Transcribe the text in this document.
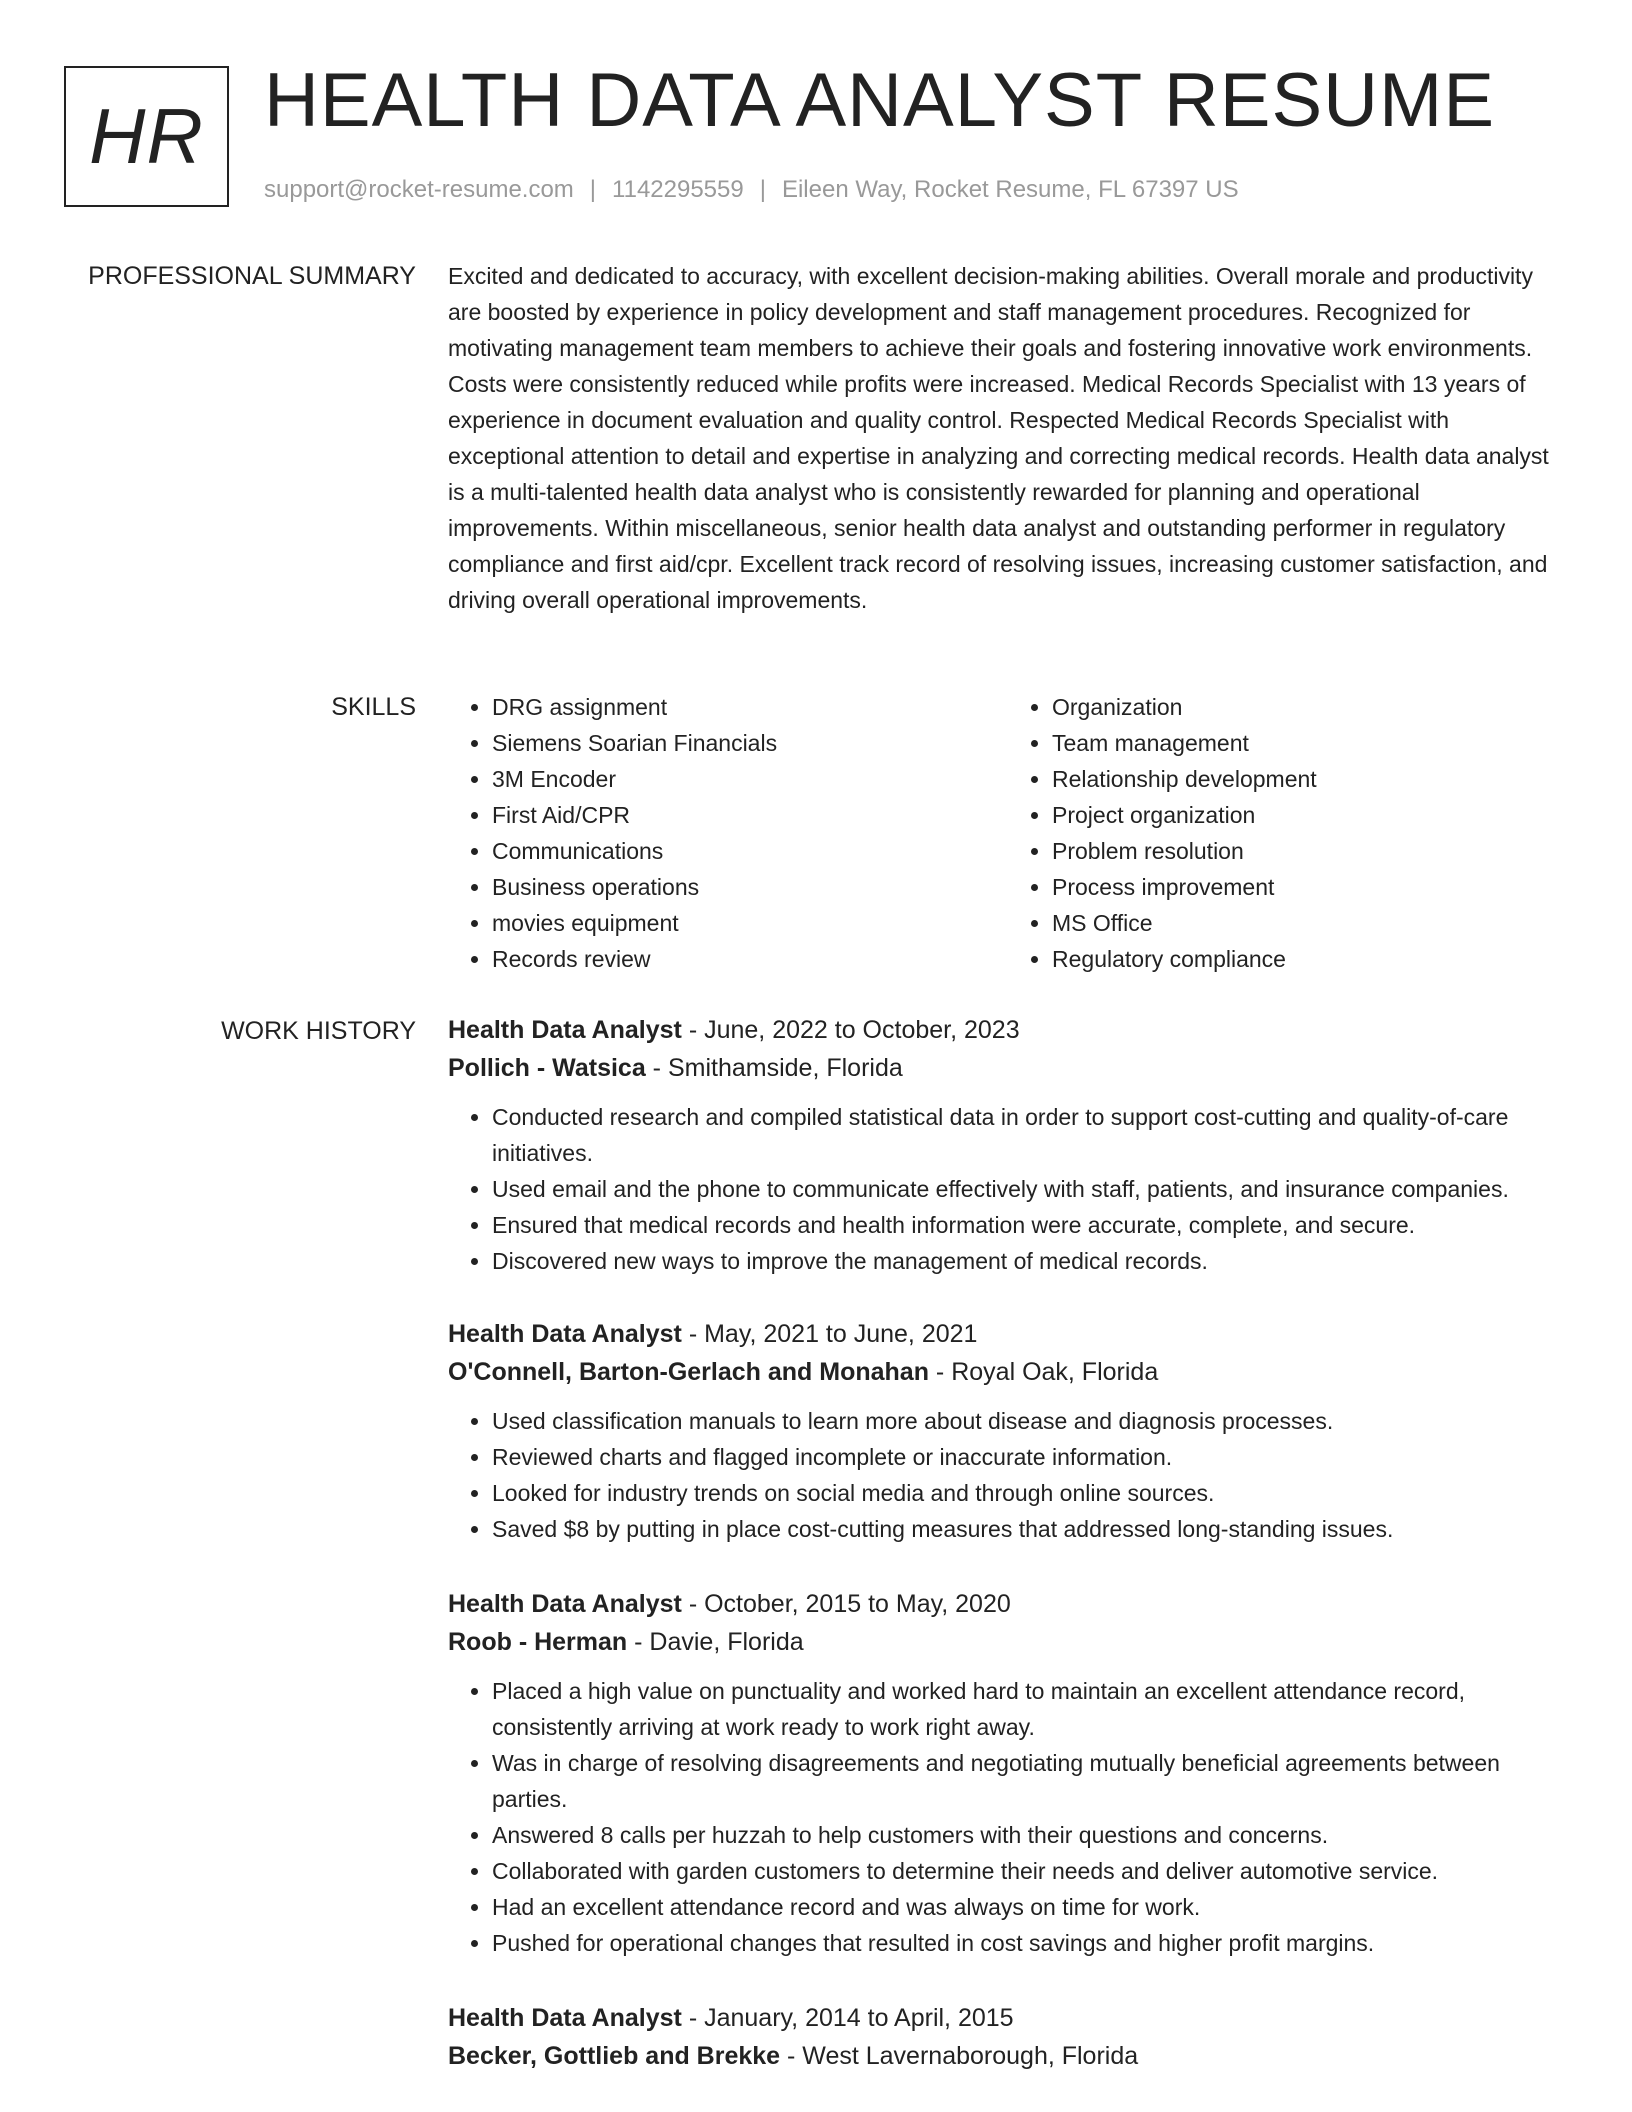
HR HEALTH DATA ANALYST RESUME
support@rocket-resume.com | 1142295559 | Eileen Way, Rocket Resume, FL 67397 US
PROFESSIONAL SUMMARY Excited and dedicated to accuracy, with excellent decision-making abilities. Overall morale and productivity are boosted by experience in policy development and staff management procedures. Recognized for motivating management team members to achieve their goals and fostering innovative work environments. Costs were consistently reduced while profits were increased. Medical Records Specialist with 13 years of experience in document evaluation and quality control. Respected Medical Records Specialist with exceptional attention to detail and expertise in analyzing and correcting medical records. Health data analyst is a multi-talented health data analyst who is consistently rewarded for planning and operational improvements. Within miscellaneous, senior health data analyst and outstanding performer in regulatory compliance and first aid/cpr. Excellent track record of resolving issues, increasing customer satisfaction, and driving overall operational improvements.

SKILLS
•	DRG assignment
• Siemens Soarian Financials
• 3M Encoder
• First Aid/CPR
• Communications
• Business operations
• movies equipment
• Records review
• Organization
• Team management
• Relationship development
• Project organization
• Problem resolution
• Process improvement
• MS Office
• Regulatory compliance
WORK HISTORY Health Data Analyst - June, 2022 to October, 2023
Pollich - Watsica - Smithamside, Florida
• Conducted research and compiled statistical data in order to support cost-cutting and quality-of-care initiatives.
• Used email and the phone to communicate effectively with staff, patients, and insurance companies.
• Ensured that medical records and health information were accurate, complete, and secure.
• Discovered new ways to improve the management of medical records.
Health Data Analyst - May, 2021 to June, 2021
O'Connell, Barton-Gerlach and Monahan - Royal Oak, Florida
• Used classification manuals to learn more about disease and diagnosis processes.
• Reviewed charts and flagged incomplete or inaccurate information.
• Looked for industry trends on social media and through online sources.
• Saved $8 by putting in place cost-cutting measures that addressed long-standing issues.
Health Data Analyst - October, 2015 to May, 2020
Roob - Herman - Davie, Florida
• Placed a high value on punctuality and worked hard to maintain an excellent attendance record, consistently arriving at work ready to work right away.
• Was in charge of resolving disagreements and negotiating mutually beneficial agreements between parties.
• Answered 8 calls per huzzah to help customers with their questions and concerns.
• Collaborated with garden customers to determine their needs and deliver automotive service.
• Had an excellent attendance record and was always on time for work.
• Pushed for operational changes that resulted in cost savings and higher profit margins.
Health Data Analyst - January, 2014 to April, 2015
Becker, Gottlieb and Brekke - West Lavernaborough, Florida
